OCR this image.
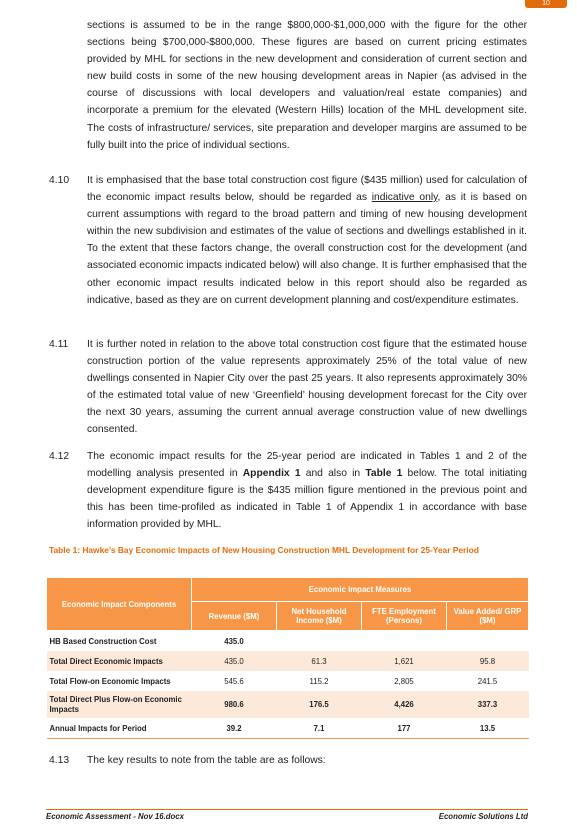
10

sections is assumed to be in the range $800,000-$1,000,000 with the figure for the other sections being $700,000-$800,000. These figures are based on current pricing estimates provided by MHL for sections in the new development and consideration of current section and new build costs in some of the new housing development areas in Napier (as advised in the course of discussions with local developers and valuation/real estate companies) and incorporate a premium for the elevated (Western Hills) location of the MHL development site. The costs of infrastructure/ services, site preparation and developer margins are assumed to be fully built into the price of individual sections.

4.10 It is emphasised that the base total construction cost figure ($435 million) used for calculation of the economic impact results below, should be regarded as indicative only, as it is based on current assumptions with regard to the broad pattern and timing of new housing development within the new subdivision and estimates of the value of sections and dwellings established in it. To the extent that these factors change, the overall construction cost for the development (and associated economic impacts indicated below) will also change. It is further emphasised that the other economic impact results indicated below in this report should also be regarded as indicative, based as they are on current development planning and cost/expenditure estimates.

4.11 It is further noted in relation to the above total construction cost figure that the estimated house construction portion of the value represents approximately 25% of the total value of new dwellings consented in Napier City over the past 25 years. It also represents approximately 30% of the estimated total value of new ‘Greenfield’ housing development forecast for the City over the next 30 years, assuming the current annual average construction value of new dwellings consented.

4.12 The economic impact results for the 25-year period are indicated in Tables 1 and 2 of the modelling analysis presented in Appendix 1 and also in Table 1 below. The total initiating development expenditure figure is the $435 million figure mentioned in the previous point and this has been time-profiled as indicated in Table 1 of Appendix 1 in accordance with base information provided by MHL.

Table 1: Hawke’s Bay Economic Impacts of New Housing Construction MHL Development for 25-Year Period
Economic Impact Components	Economic Impact Measures			
	Revenue ($M)	Net Household Income ($M)	FTE Employment (Persons)	Value Added/ GRP ($M)
HB Based Construction Cost	435.0			
Total Direct Economic Impacts	435.0	61.3	1,621	95.8
Total Flow-on Economic Impacts	545.6	115.2	2,805	241.5
Total Direct Plus Flow-on Economic Impacts	980.6	176.5	4,426	337.3
Annual Impacts for Period	39.2	7.1	177	13.5
4.13 The key results to note from the table are as follows:

Economic Assessment - Nov 16.docx	Economic Solutions Ltd
